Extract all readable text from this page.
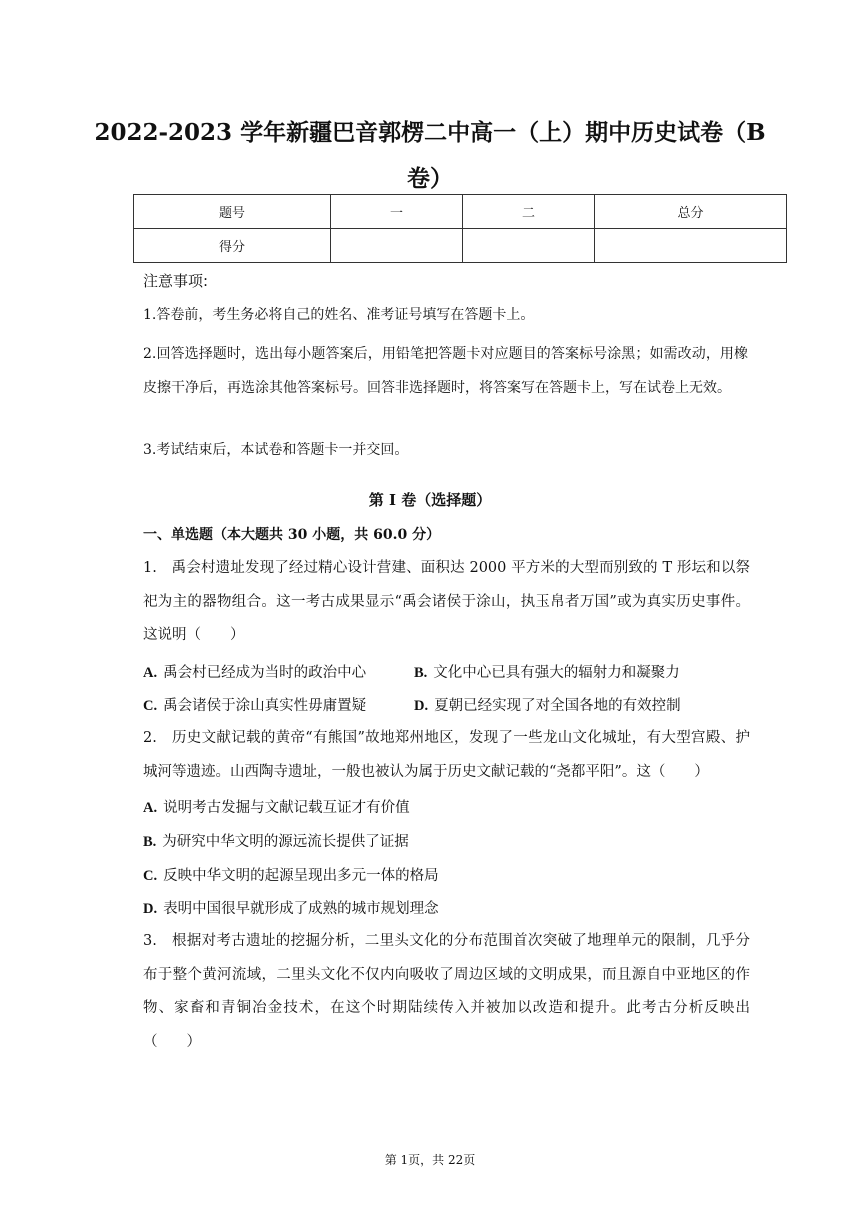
2022-2023 学年新疆巴音郭楞二中高一（上）期中历史试卷（B
卷）
题号	一	二	总分
得分			
注意事项:
1.答卷前，考生务必将自己的姓名、准考证号填写在答题卡上。
2.回答选择题时，选出每小题答案后，用铅笔把答题卡对应题目的答案标号涂黑；如需改动，用橡皮擦干净后，再选涂其他答案标号。回答非选择题时，将答案写在答题卡上，写在试卷上无效。
3.考试结束后，本试卷和答题卡一并交回。
第 I 卷（选择题）
一、单选题（本大题共 30 小题，共 60.0 分）
1.　禹会村遗址发现了经过精心设计营建、面积达 2000 平方米的大型而别致的 T 形坛和以祭祀为主的器物组合。这一考古成果显示“禹会诸侯于涂山，执玉帛者万国”或为真实历史事件。这说明（　　）
A. 禹会村已经成为当时的政治中心	B. 文化中心已具有强大的辐射力和凝聚力
C. 禹会诸侯于涂山真实性毋庸置疑	D. 夏朝已经实现了对全国各地的有效控制
2.　历史文献记载的黄帝“有熊国”故地郑州地区，发现了一些龙山文化城址，有大型宫殿、护城河等遗迹。山西陶寺遗址，一般也被认为属于历史文献记载的“尧都平阳”。这（　　）
A. 说明考古发掘与文献记载互证才有价值
B. 为研究中华文明的源远流长提供了证据
C. 反映中华文明的起源呈现出多元一体的格局
D. 表明中国很早就形成了成熟的城市规划理念
3.　根据对考古遗址的挖掘分析，二里头文化的分布范围首次突破了地理单元的限制，几乎分布于整个黄河流域，二里头文化不仅内向吸收了周边区域的文明成果，而且源自中亚地区的作物、家畜和青铜冶金技术，在这个时期陆续传入并被加以改造和提升。此考古分析反映出（　　）
第 1页，共 22页
